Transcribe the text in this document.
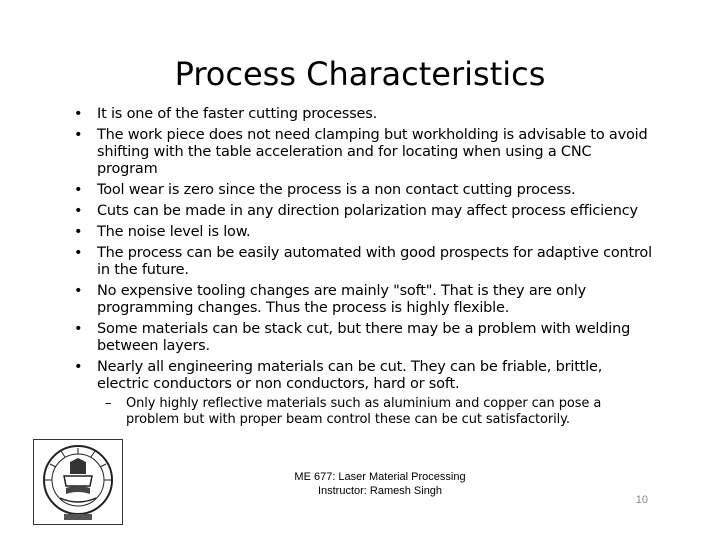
Process Characteristics
•	It is one of the faster cutting processes.
•	The work piece does not need clamping but workholding is advisable to avoid shifting with the table acceleration and for locating when using a CNC program
•	Tool wear is zero since the process is a non contact cutting process.
•	Cuts can be made in any direction polarization may affect process efficiency
•	The noise level is low.
•	The process can be easily automated with good prospects for adaptive control in the future.
•	No expensive tooling changes are mainly "soft". That is they are only programming changes. Thus the process is highly flexible.
•	Some materials can be stack cut, but there may be a problem with welding between layers.
•	Nearly all engineering materials can be cut. They can be friable, brittle, electric conductors or non conductors, hard or soft.
– Only highly reflective materials such as aluminium and copper can pose a problem but with proper beam control these can be cut satisfactorily.
ME 677: Laser Material Processing
Instructor: Ramesh Singh
10
